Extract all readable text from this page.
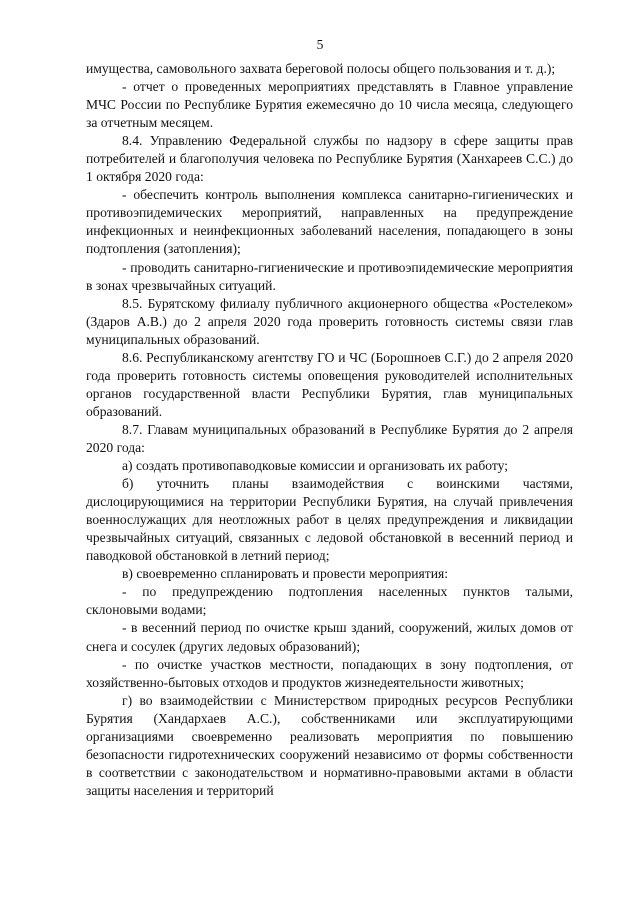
5

имущества, самовольного захвата береговой полосы общего пользования и т. д.);

- отчет о проведенных мероприятиях представлять в Главное управление МЧС России по Республике Бурятия ежемесячно до 10 числа месяца, следующего за отчетным месяцем.

8.4. Управлению Федеральной службы по надзору в сфере защиты прав потребителей и благополучия человека по Республике Бурятия (Ханхареев С.С.) до 1 октября 2020 года:

- обеспечить контроль выполнения комплекса санитарно-гигиенических и противоэпидемических мероприятий, направленных на предупреждение инфекционных и неинфекционных заболеваний населения, попадающего в зоны подтопления (затопления);

- проводить санитарно-гигиенические и противоэпидемические мероприятия в зонах чрезвычайных ситуаций.

8.5. Бурятскому филиалу публичного акционерного общества «Ростелеком» (Здаров А.В.) до 2 апреля 2020 года проверить готовность системы связи глав муниципальных образований.

8.6. Республиканскому агентству ГО и ЧС (Борошноев С.Г.) до 2 апреля 2020 года проверить готовность системы оповещения руководителей исполнительных органов государственной власти Республики Бурятия, глав муниципальных образований.

8.7. Главам муниципальных образований в Республике Бурятия до 2 апреля 2020 года:

а) создать противопаводковые комиссии и организовать их работу;

б) уточнить планы взаимодействия с воинскими частями, дислоцирующимися на территории Республики Бурятия, на случай привлечения военнослужащих для неотложных работ в целях предупреждения и ликвидации чрезвычайных ситуаций, связанных с ледовой обстановкой в весенний период и паводковой обстановкой в летний период;

в) своевременно спланировать и провести мероприятия:

- по предупреждению подтопления населенных пунктов талыми, склоновыми водами;

- в весенний период по очистке крыш зданий, сооружений, жилых домов от снега и сосулек (других ледовых образований);

- по очистке участков местности, попадающих в зону подтопления, от хозяйственно-бытовых отходов и продуктов жизнедеятельности животных;

г) во взаимодействии с Министерством природных ресурсов Республики Бурятия (Хандархаев А.С.), собственниками или эксплуатирующими организациями своевременно реализовать мероприятия по повышению безопасности гидротехнических сооружений независимо от формы собственности в соответствии с законодательством и нормативно-правовыми актами в области защиты населения и территорий
